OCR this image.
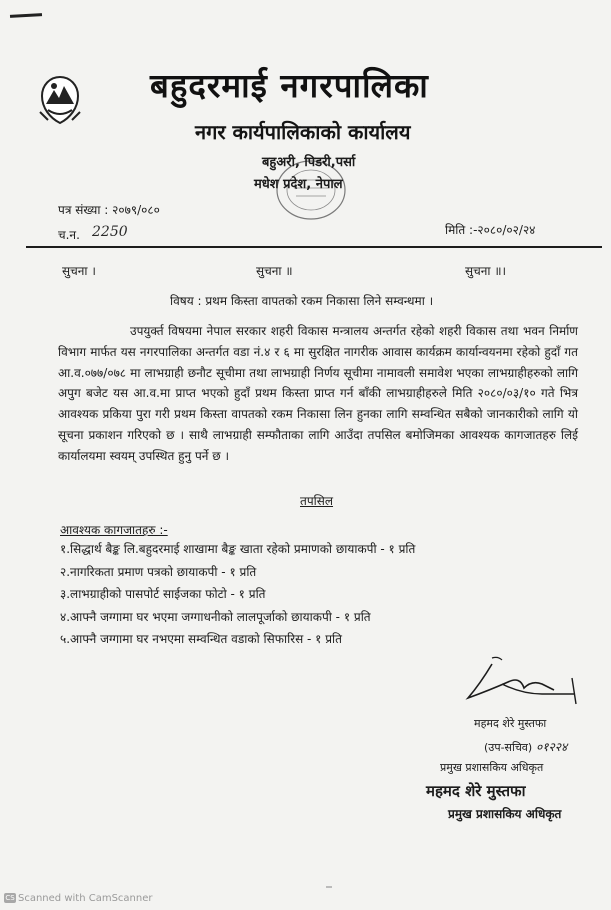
बहुदरमाई नगरपालिका
नगर कार्यपालिकाको कार्यालय
बहुअरी, पिडरी,पर्सा
मधेश प्रदेश, नेपाल
पत्र संख्या : २०७९/०८०
च.न. 2250	मिति :-२०८०/०२/२४
सुचना ।	सुचना ॥	सुचना ॥।
विषय : प्रथम किस्ता वापतको रकम निकासा लिने सम्वन्धमा ।

उपयुर्क्त विषयमा नेपाल सरकार शहरी विकास मन्त्रालय अन्तर्गत रहेको शहरी विकास तथा भवन निर्माण विभाग मार्फत यस नगरपालिका अन्तर्गत वडा नं.४ र ६ मा सुरक्षित नागरीक आवास कार्यक्रम कार्यान्वयनमा रहेको हुदाँ गत आ.व.०७७/०७८ मा लाभग्राही छनौट सूचीमा तथा लाभग्राही निर्णय सूचीमा नामावली समावेश भएका लाभग्राहीहरुको लागि अपुग बजेट यस आ.व.मा प्राप्त भएको हुदाँ प्रथम किस्ता प्राप्त गर्न बाँकी लाभग्राहीहरुले मिति २०८०/०३/१० गते भित्र आवश्यक प्रकिया पुरा गरी प्रथम किस्ता वापतको रकम निकासा लिन हुनका लागि सम्वन्धित सबैको जानकारीको लागि यो सूचना प्रकाशन गरिएको छ । साथै लाभग्राही सम्फौताका लागि आउँदा तपसिल बमोजिमका आवश्यक कागजातहरु लिई कार्यालयमा स्वयम् उपस्थित हुनु पर्ने छ ।

तपसिल
आवश्यक कागजातहरु :-
१.सिद्धार्थ बैङ्क लि.बहुदरमाई शाखामा बैङ्क खाता रहेको प्रमाणको छायाकपी - १ प्रति
२.नागरिकता प्रमाण पत्रको छायाकपी - १ प्रति
३.लाभग्राहीको पासपोर्ट साईजका फोटो - १ प्रति
४.आफ्नै जग्गामा घर भएमा जग्गाधनीको लालपूर्जाको छायाकपी - १ प्रति
५.आफ्नै जग्गामा घर नभएमा सम्वन्धित वडाको सिफारिस - १ प्रति
महमद शेरे मुस्तफा
(उप-सचिव) ०१२२४
प्रमुख प्रशासकिय अधिकृत
महमद शेरे मुस्तफा
प्रमुख प्रशासकिय अधिकृत
CS Scanned with CamScanner
